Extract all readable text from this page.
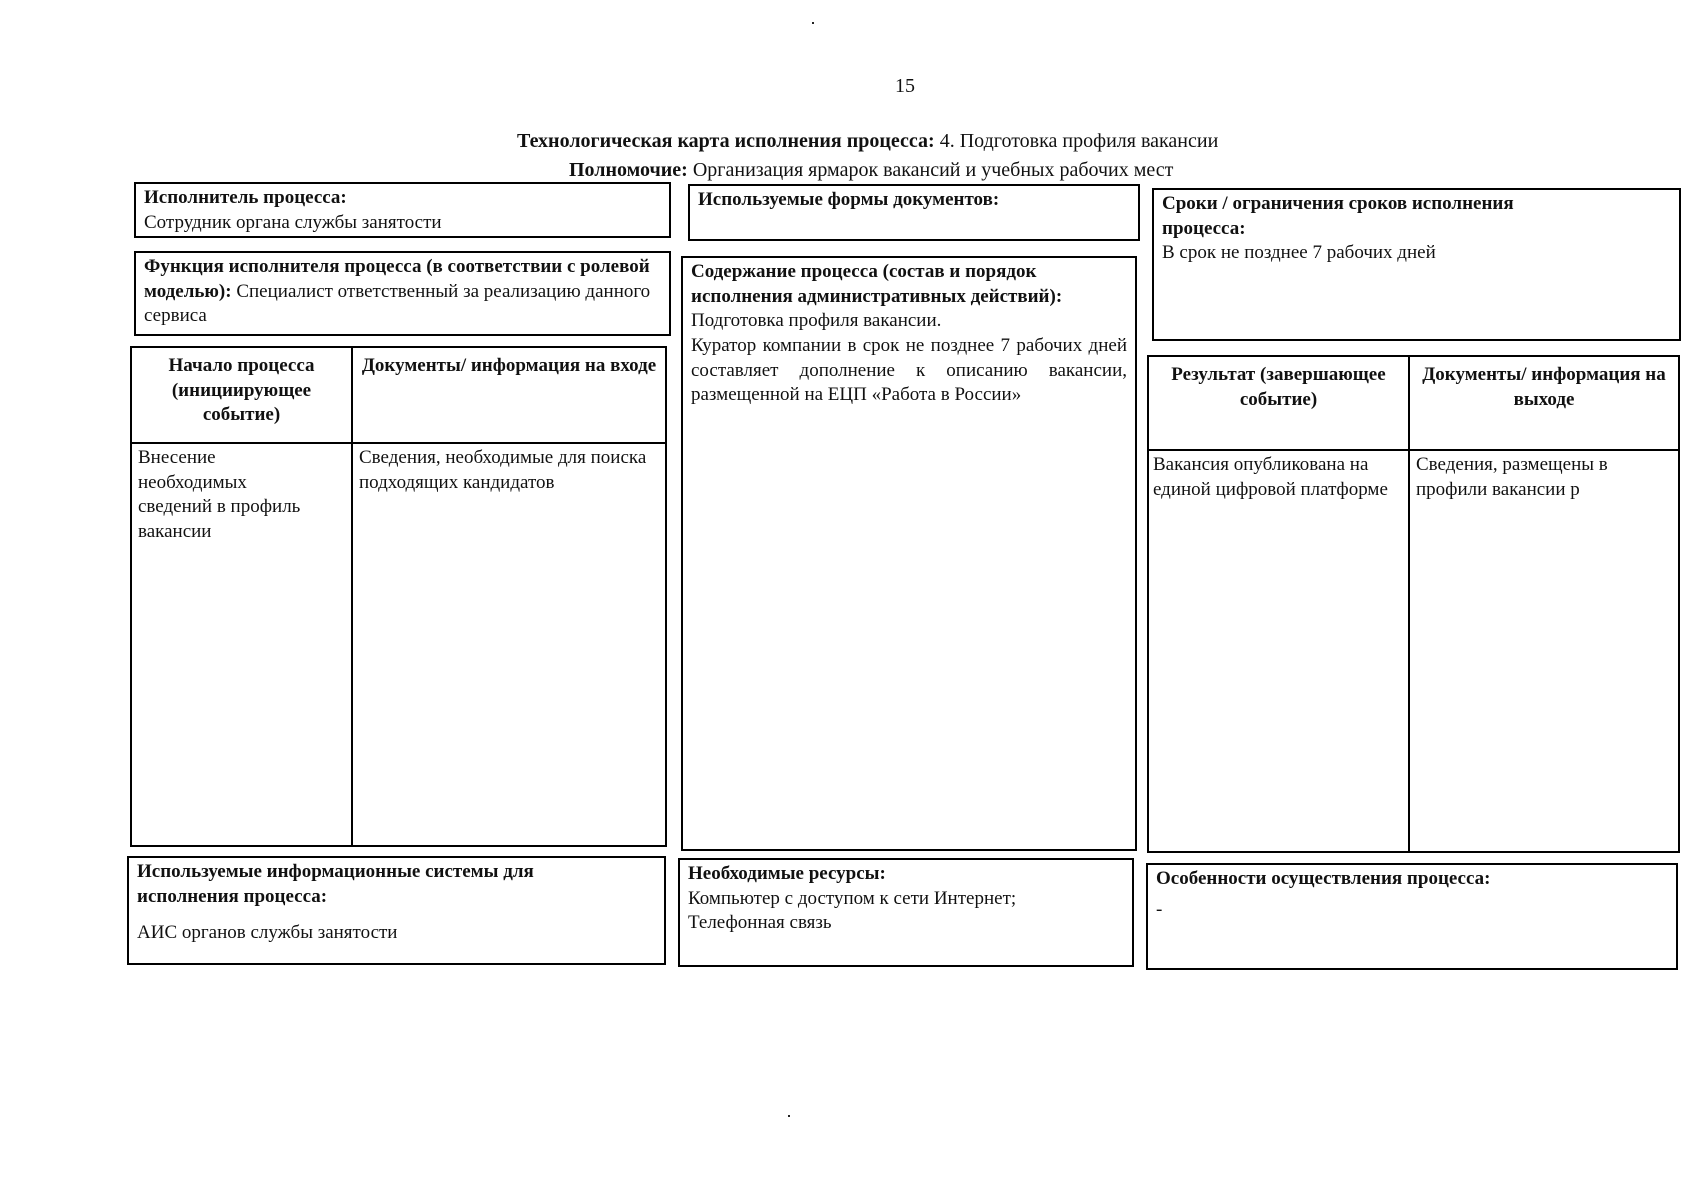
15
Технологическая карта исполнения процесса: 4. Подготовка профиля вакансии
Полномочие: Организация ярмарок вакансий и учебных рабочих мест
Исполнитель процесса:
Сотрудник органа службы занятости
Используемые формы документов:	Сроки / ограничения сроков исполнения процесса:
В срок не позднее 7 рабочих дней
Функция исполнителя процесса (в соответствии с ролевой моделью): Специалист ответственный за реализацию данного сервиса
Начало процесса (инициирующее событие)
Документы/ информация на входе
Внесение необходимых сведений в профиль вакансии
Сведения, необходимые для поиска подходящих кандидатов
Содержание процесса (состав и порядок исполнения административных действий):
Подготовка профиля вакансии.
Куратор компании в срок не позднее 7 рабочих дней составляет дополнение к описанию вакансии, размещенной на ЕЦП «Работа в России»
Результат (завершающее событие)
Документы/ информация на выходе
Вакансия опубликована на единой цифровой платформе
Сведения, размещены в профили вакансии р
Используемые информационные системы для исполнения процесса:
АИС органов службы занятости
Необходимые ресурсы:
Компьютер с доступом к сети Интернет;
Телефонная связь
Особенности осуществления процесса:
-
